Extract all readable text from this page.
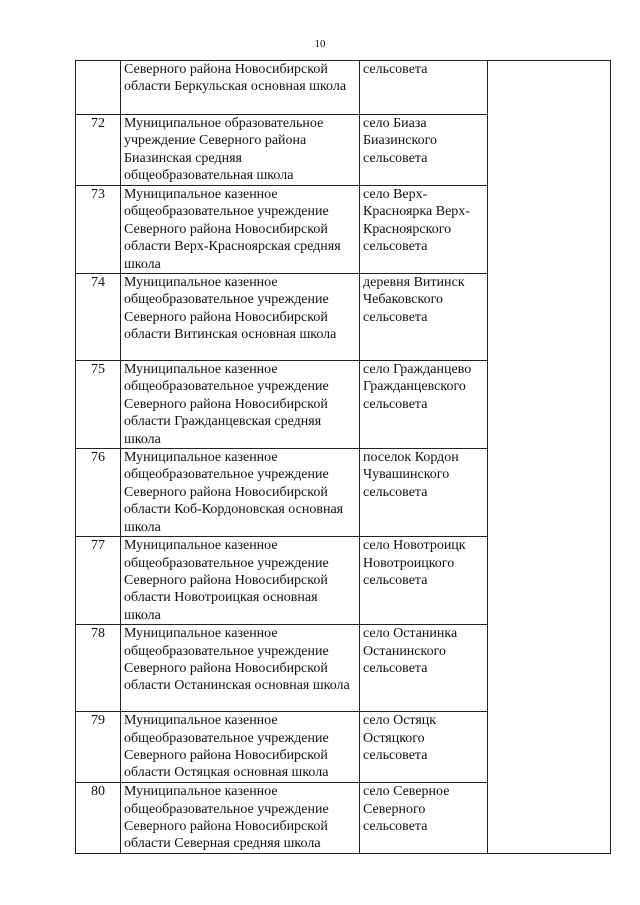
10
	Северного района Новосибирской области Беркульская основная школа	сельсовета	
72	Муниципальное образовательное учреждение Северного района Биазинская средняя общеобразовательная школа	село Биаза Биазинского сельсовета	
73	Муниципальное казенное общеобразовательное учреждение Северного района Новосибирской области Верх-Красноярская средняя школа	село Верх-Красноярка Верх-Красноярского сельсовета	
74	Муниципальное казенное общеобразовательное учреждение Северного района Новосибирской области Витинская основная школа	деревня Витинск Чебаковского сельсовета	
75	Муниципальное казенное общеобразовательное учреждение Северного района Новосибирской области Гражданцевская средняя школа	село Гражданцево Гражданцевского сельсовета	
76	Муниципальное казенное общеобразовательное учреждение Северного района Новосибирской области Коб-Кордоновская основная школа	поселок Кордон Чувашинского сельсовета	
77	Муниципальное казенное общеобразовательное учреждение Северного района Новосибирской области Новотроицкая основная школа	село Новотроицк Новотроицкого сельсовета	
78	Муниципальное казенное общеобразовательное учреждение Северного района Новосибирской области Останинская основная школа	село Останинка Останинского сельсовета	
79	Муниципальное казенное общеобразовательное учреждение Северного района Новосибирской области Остяцкая основная школа	село Остяцк Остяцкого сельсовета	
80	Муниципальное казенное общеобразовательное учреждение Северного района Новосибирской области Северная средняя школа	село Северное Северного сельсовета	
